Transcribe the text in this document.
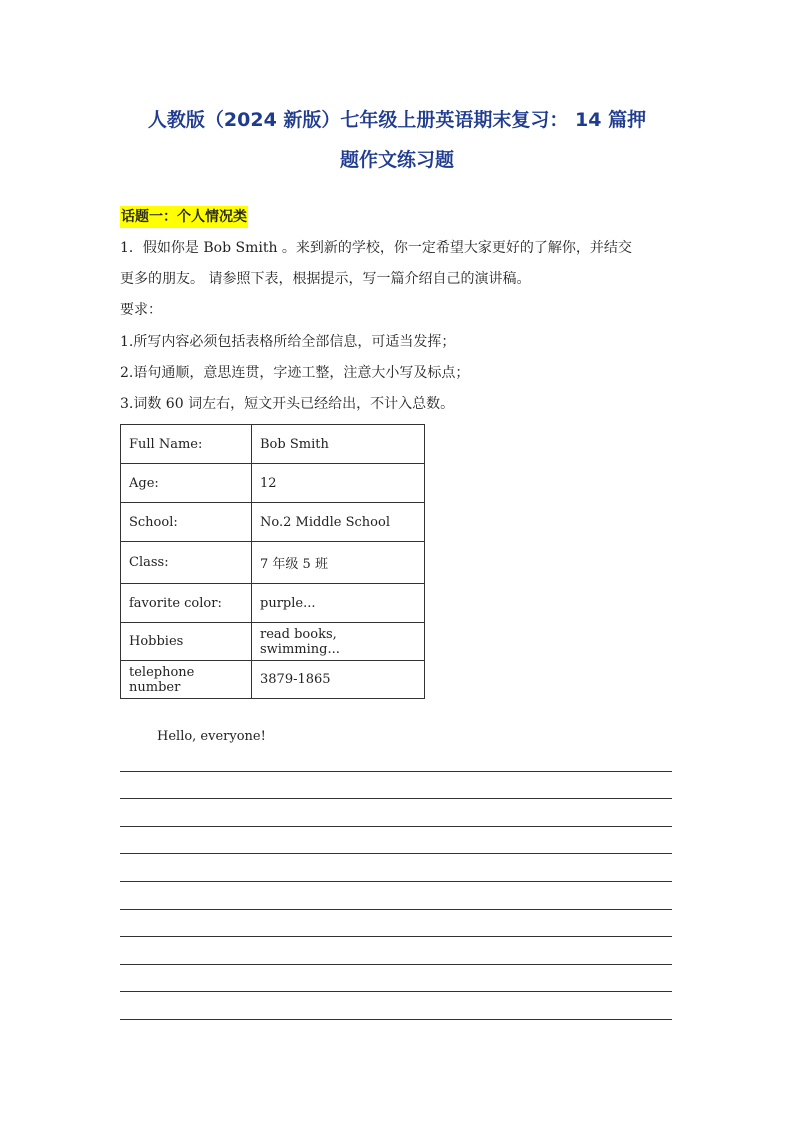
人教版（2024 新版）七年级上册英语期末复习： 14 篇押
题作文练习题
话题一：个人情况类
1．假如你是 Bob Smith 。来到新的学校，你一定希望大家更好的了解你，并结交
更多的朋友。 请参照下表，根据提示，写一篇介绍自己的演讲稿。
要求：
1.所写内容必须包括表格所给全部信息，可适当发挥；
2.语句通顺，意思连贯，字迹工整，注意大小写及标点；
3.词数 60 词左右，短文开头已经给出，不计入总数。
Full Name:	Bob Smith
Age:	12
School:	No.2 Middle School
Class:	7 年级 5 班
favorite color:	purple...
Hobbies	read books, swimming...
telephone number	3879-1865
Hello, everyone!
